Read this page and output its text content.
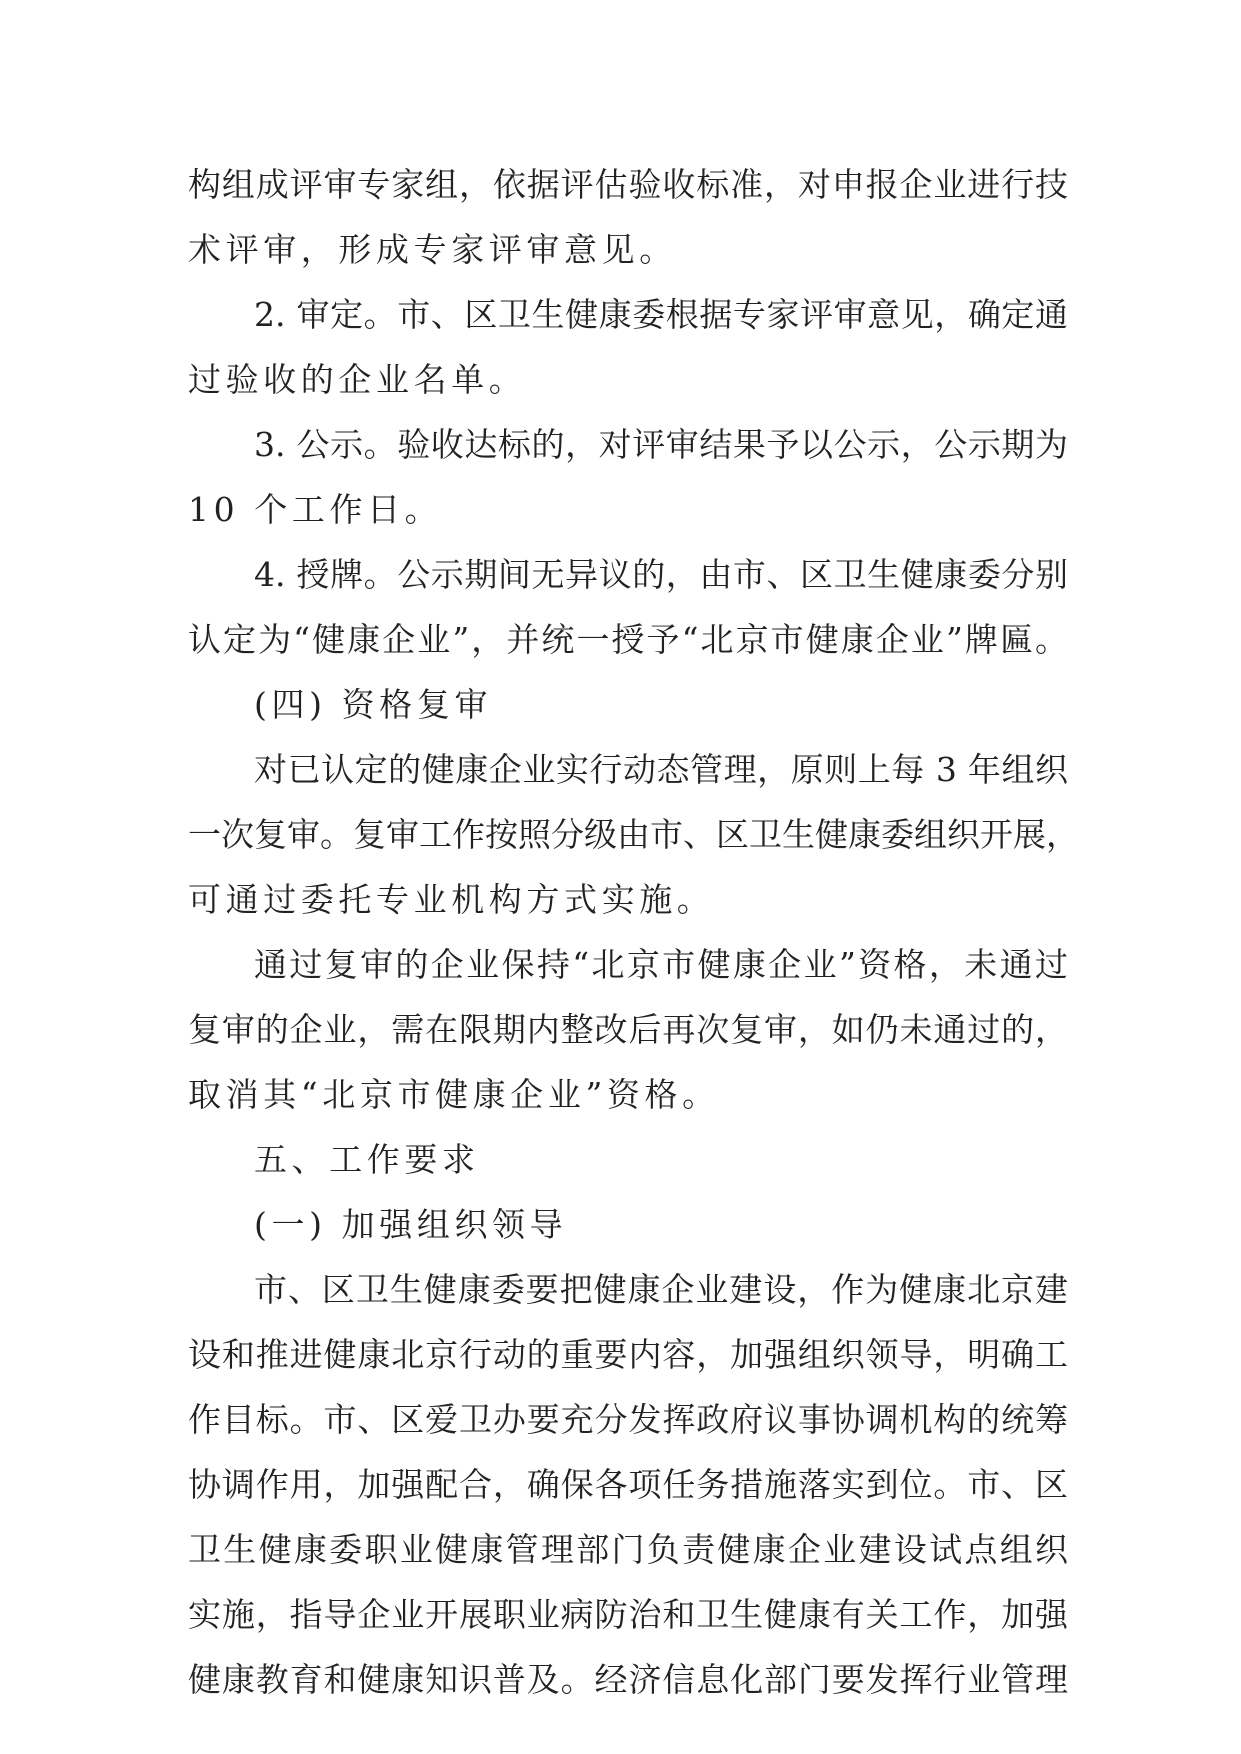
构组成评审专家组，依据评估验收标准，对申报企业进行技
术评审，形成专家评审意见。
2. 审定。市、区卫生健康委根据专家评审意见，确定通
过验收的企业名单。
3. 公示。验收达标的，对评审结果予以公示，公示期为
10 个工作日。
4. 授牌。公示期间无异议的，由市、区卫生健康委分别
认定为“健康企业”，并统一授予“北京市健康企业”牌匾。
(四) 资格复审
对已认定的健康企业实行动态管理，原则上每 3 年组织
一次复审。复审工作按照分级由市、区卫生健康委组织开展，
可通过委托专业机构方式实施。
通过复审的企业保持“北京市健康企业”资格，未通过
复审的企业，需在限期内整改后再次复审，如仍未通过的，
取消其“北京市健康企业”资格。
五、工作要求
(一) 加强组织领导
市、区卫生健康委要把健康企业建设，作为健康北京建
设和推进健康北京行动的重要内容，加强组织领导，明确工
作目标。市、区爱卫办要充分发挥政府议事协调机构的统筹
协调作用，加强配合，确保各项任务措施落实到位。市、区
卫生健康委职业健康管理部门负责健康企业建设试点组织
实施，指导企业开展职业病防治和卫生健康有关工作，加强
健康教育和健康知识普及。经济信息化部门要发挥行业管理
